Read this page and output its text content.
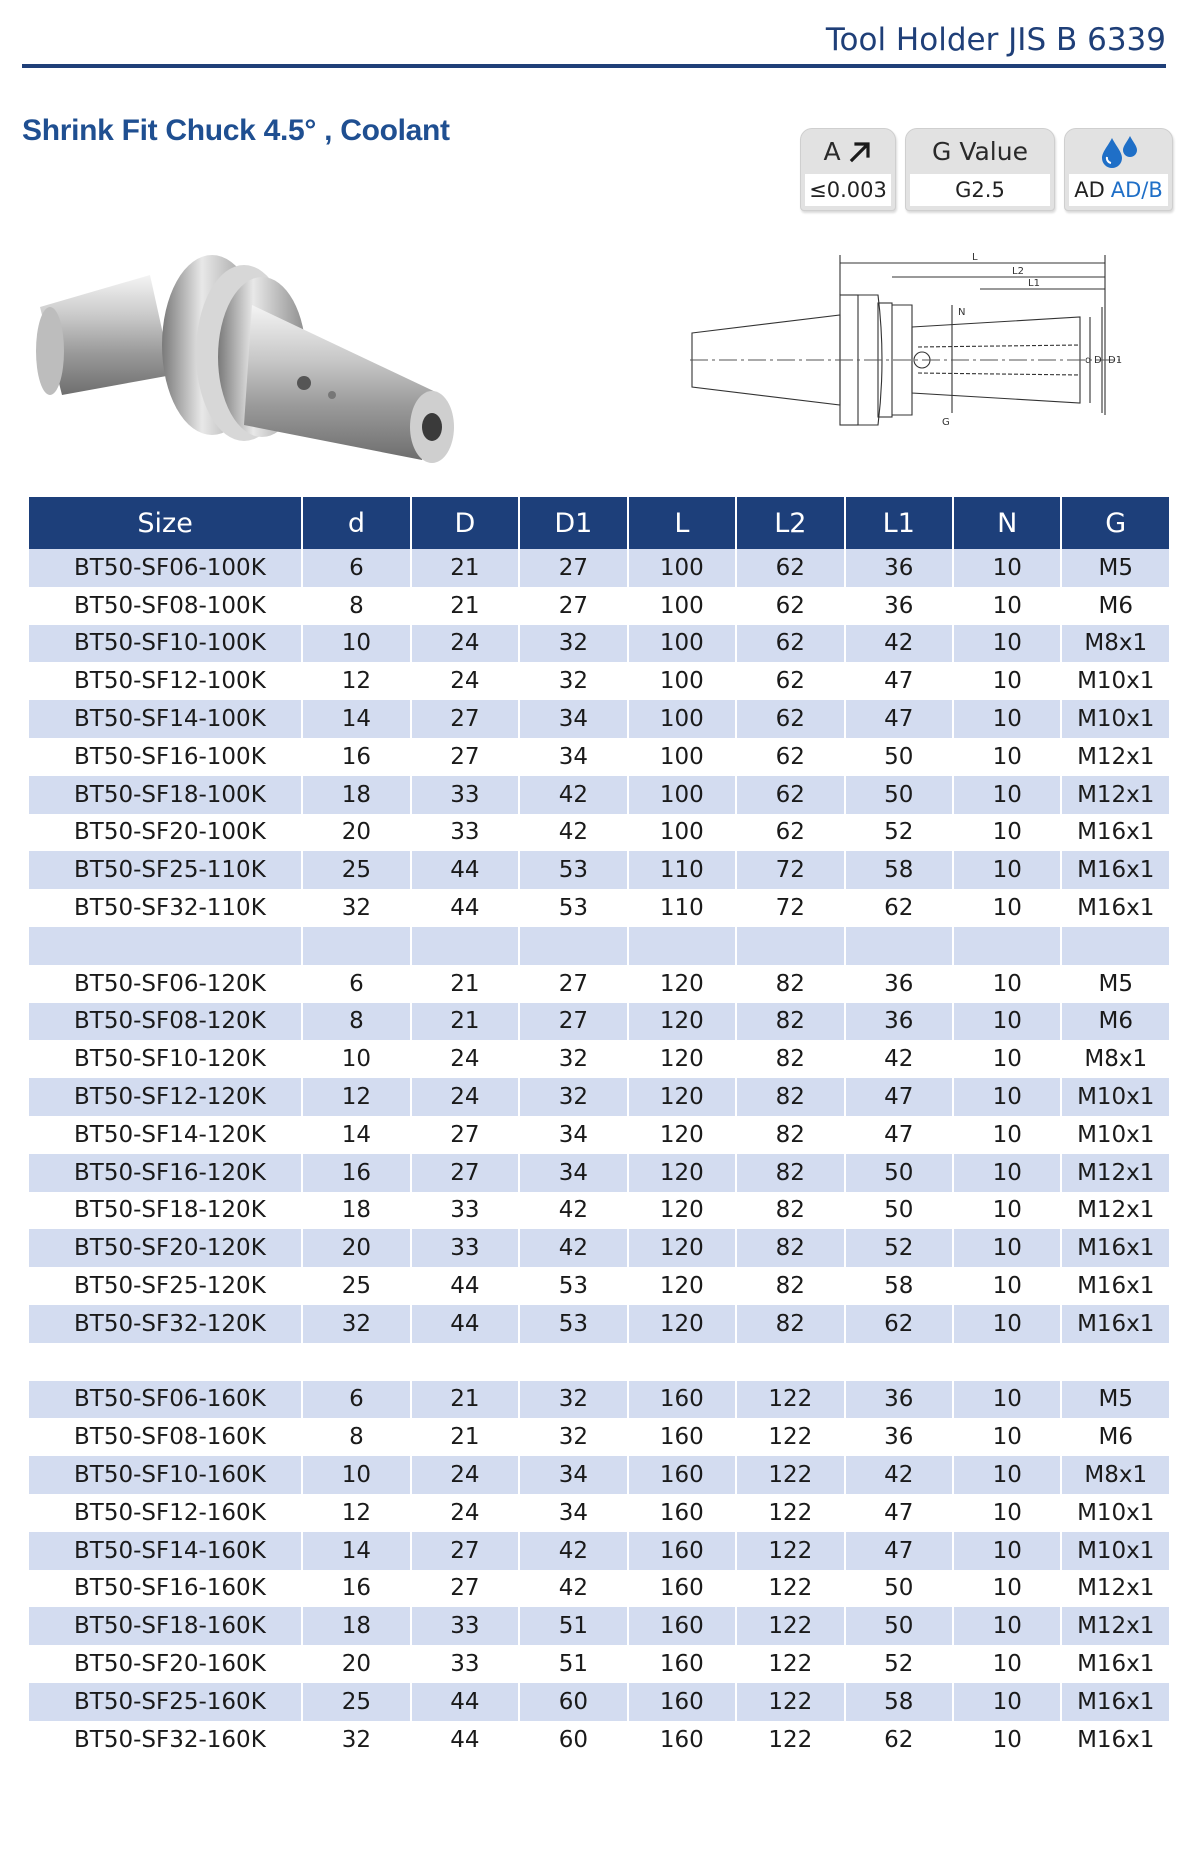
Tool Holder JIS B 6339
Shrink Fit Chuck 4.5° , Coolant
A
≤0.003
G Value
G2.5	AD AD/B
L
L2
L1
N
d D D1
G
Size	d	D	D1	L	L2	L1	N	G
BT50-SF06-100K	6	21	27	100	62	36	10	M5
BT50-SF08-100K	8	21	27	100	62	36	10	M6
BT50-SF10-100K	10	24	32	100	62	42	10	M8x1
BT50-SF12-100K	12	24	32	100	62	47	10	M10x1
BT50-SF14-100K	14	27	34	100	62	47	10	M10x1
BT50-SF16-100K	16	27	34	100	62	50	10	M12x1
BT50-SF18-100K	18	33	42	100	62	50	10	M12x1
BT50-SF20-100K	20	33	42	100	62	52	10	M16x1
BT50-SF25-110K	25	44	53	110	72	58	10	M16x1
BT50-SF32-110K	32	44	53	110	72	62	10	M16x1

BT50-SF06-120K	6	21	27	120	82	36	10	M5
BT50-SF08-120K	8	21	27	120	82	36	10	M6
BT50-SF10-120K	10	24	32	120	82	42	10	M8x1
BT50-SF12-120K	12	24	32	120	82	47	10	M10x1
BT50-SF14-120K	14	27	34	120	82	47	10	M10x1
BT50-SF16-120K	16	27	34	120	82	50	10	M12x1
BT50-SF18-120K	18	33	42	120	82	50	10	M12x1
BT50-SF20-120K	20	33	42	120	82	52	10	M16x1
BT50-SF25-120K	25	44	53	120	82	58	10	M16x1
BT50-SF32-120K	32	44	53	120	82	62	10	M16x1

BT50-SF06-160K	6	21	32	160	122	36	10	M5
BT50-SF08-160K	8	21	32	160	122	36	10	M6
BT50-SF10-160K	10	24	34	160	122	42	10	M8x1
BT50-SF12-160K	12	24	34	160	122	47	10	M10x1
BT50-SF14-160K	14	27	42	160	122	47	10	M10x1
BT50-SF16-160K	16	27	42	160	122	50	10	M12x1
BT50-SF18-160K	18	33	51	160	122	50	10	M12x1
BT50-SF20-160K	20	33	51	160	122	52	10	M16x1
BT50-SF25-160K	25	44	60	160	122	58	10	M16x1
BT50-SF32-160K	32	44	60	160	122	62	10	M16x1
